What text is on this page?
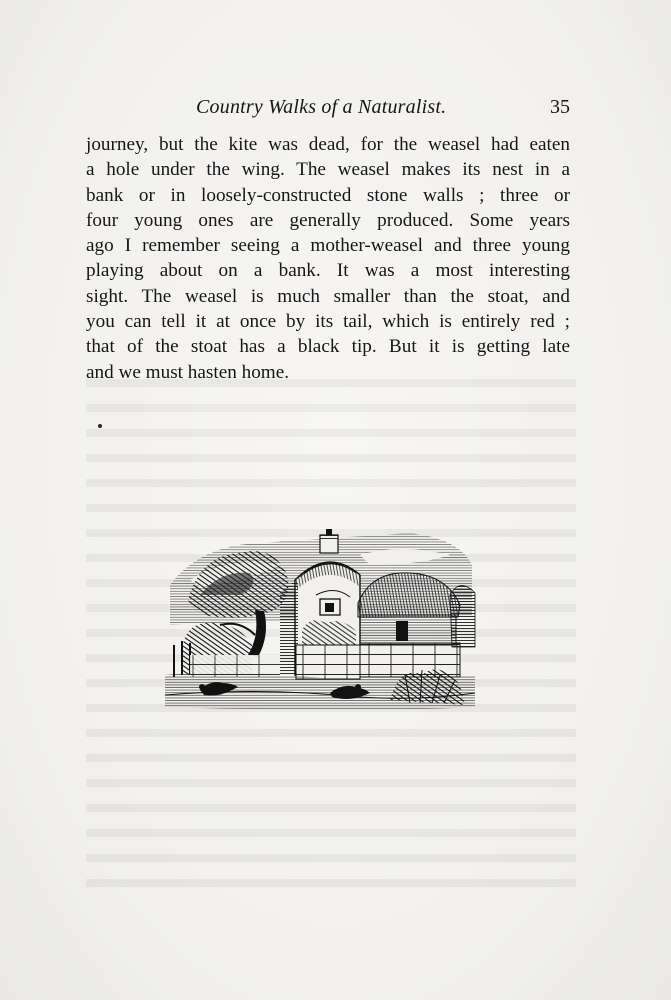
Country Walks of a Naturalist.	35
journey, but the kite was dead, for the weasel had eaten
a hole under the wing. The weasel makes its nest in a
bank or in loosely-constructed stone walls ; three or
four young ones are generally produced. Some years
ago I remember seeing a mother-weasel and three young
playing about on a bank. It was a most interesting
sight. The weasel is much smaller than the stoat, and
you can tell it at once by its tail, which is entirely red ;
that of the stoat has a black tip. But it is getting late
and we must hasten home.
